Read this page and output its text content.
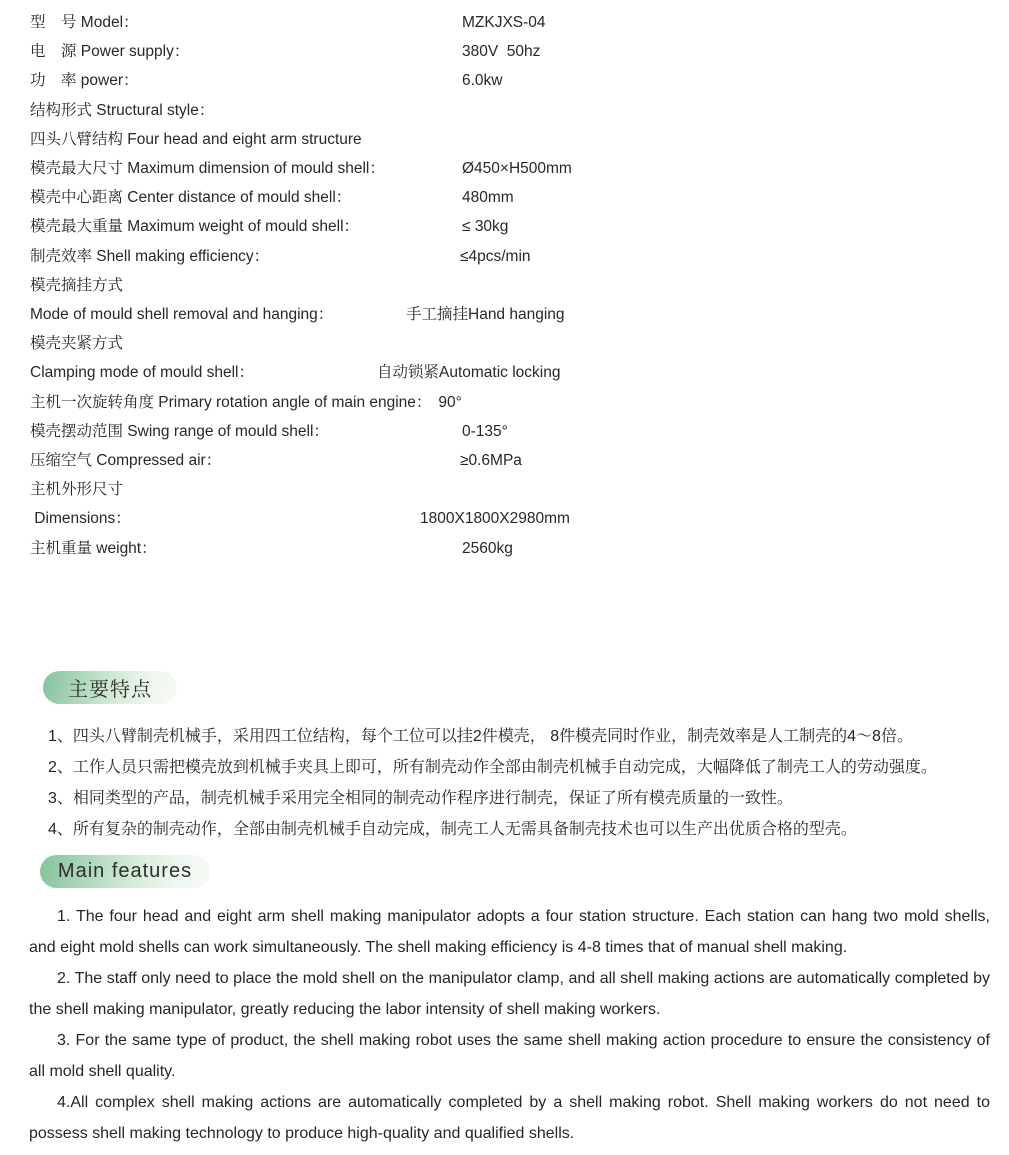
型　号 Model：	MZKJXS-04
电　源 Power supply：	380V  50hz
功　率 power：	6.0kw
结构形式 Structural style：
四头八臂结构 Four head and eight arm structure
模壳最大尺寸 Maximum dimension of mould shell：	Ø450×H500mm
模壳中心距离 Center distance of mould shell：	480mm
模壳最大重量 Maximum weight of mould shell：	≤ 30kg
制壳效率 Shell making efficiency：	≤4pcs/min
模壳摘挂方式
Mode of mould shell removal and hanging：	手工摘挂Hand hanging
模壳夹紧方式
Clamping mode of mould shell：	自动锁紧Automatic locking
主机一次旋转角度 Primary rotation angle of main engine： 90°
模壳摆动范围 Swing range of mould shell：	0-135°
压缩空气 Compressed air：	≥0.6MPa
主机外形尺寸
Dimensions：	1800X1800X2980mm
主机重量 weight：	2560kg
主要特点
1、四头八臂制壳机械手，采用四工位结构，每个工位可以挂2件模壳， 8件模壳同时作业，制壳效率是人工制壳的4～8倍。
2、工作人员只需把模壳放到机械手夹具上即可，所有制壳动作全部由制壳机械手自动完成，大幅降低了制壳工人的劳动强度。
3、相同类型的产品，制壳机械手采用完全相同的制壳动作程序进行制壳，保证了所有模壳质量的一致性。
4、所有复杂的制壳动作，全部由制壳机械手自动完成，制壳工人无需具备制壳技术也可以生产出优质合格的型壳。
Main features

1. The four head and eight arm shell making manipulator adopts a four station structure. Each station can hang two mold shells, and eight mold shells can work simultaneously. The shell making efficiency is 4-8 times that of manual shell making.

2. The staff only need to place the mold shell on the manipulator clamp, and all shell making actions are automatically completed by the shell making manipulator, greatly reducing the labor intensity of shell making workers.

3. For the same type of product, the shell making robot uses the same shell making action procedure to ensure the consistency of all mold shell quality.

4.All complex shell making actions are automatically completed by a shell making robot. Shell making workers do not need to possess shell making technology to produce high-quality and qualified shells.
